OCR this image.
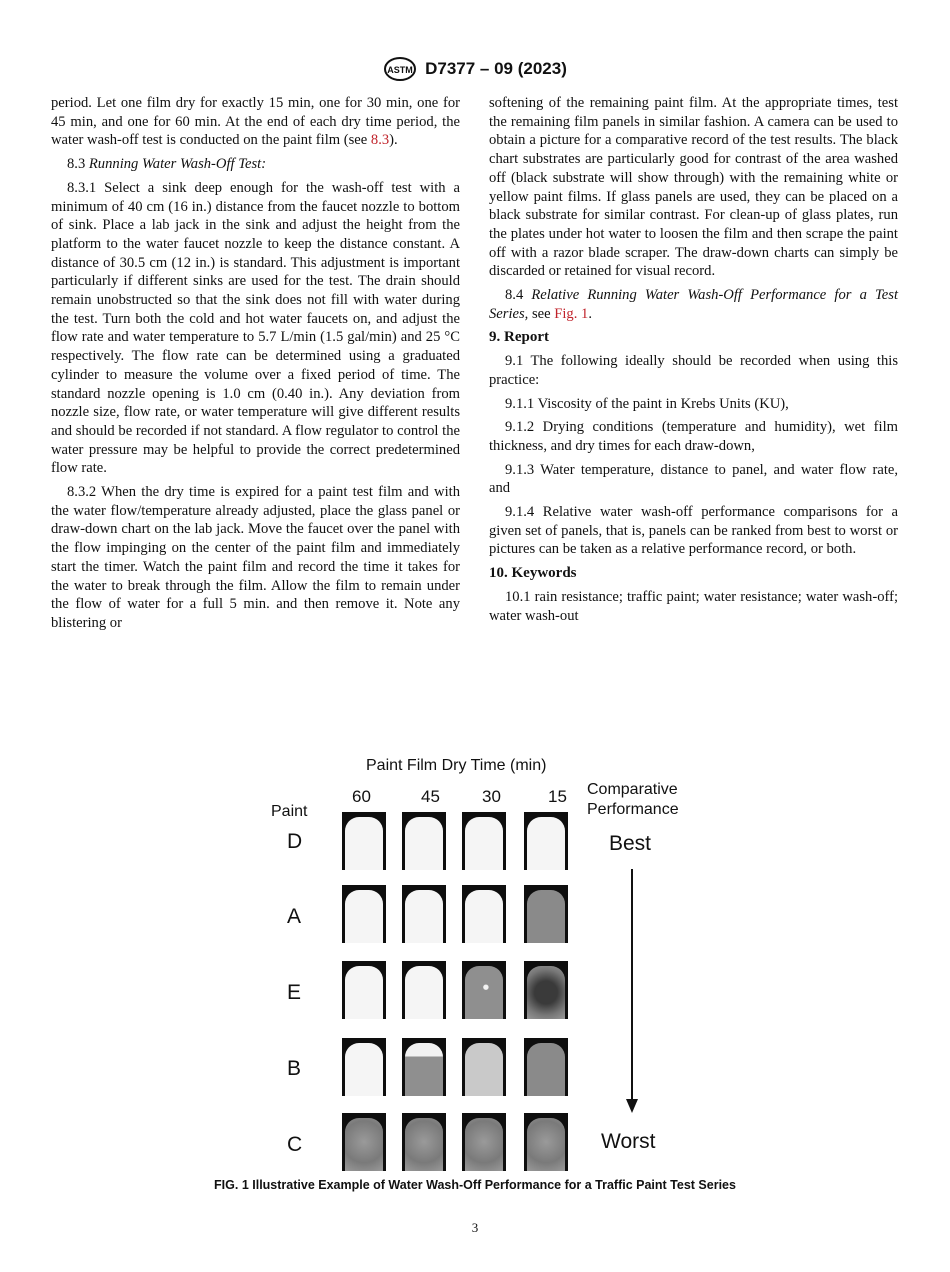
ASTM D7377 – 09 (2023)

period. Let one film dry for exactly 15 min, one for 30 min, one for 45 min, and one for 60 min. At the end of each dry time period, the water wash-off test is conducted on the paint film (see 8.3).

8.3 Running Water Wash-Off Test:

8.3.1 Select a sink deep enough for the wash-off test with a minimum of 40 cm (16 in.) distance from the faucet nozzle to bottom of sink. Place a lab jack in the sink and adjust the height from the platform to the water faucet nozzle to keep the distance constant. A distance of 30.5 cm (12 in.) is standard. This adjustment is important particularly if different sinks are used for the test. The drain should remain unobstructed so that the sink does not fill with water during the test. Turn both the cold and hot water faucets on, and adjust the flow rate and water temperature to 5.7 L/min (1.5 gal/min) and 25 °C respectively. The flow rate can be determined using a graduated cylinder to measure the volume over a fixed period of time. The standard nozzle opening is 1.0 cm (0.40 in.). Any deviation from nozzle size, flow rate, or water temperature will give different results and should be recorded if not standard. A flow regulator to control the water pressure may be helpful to provide the correct predetermined flow rate.

8.3.2 When the dry time is expired for a paint test film and with the water flow/temperature already adjusted, place the glass panel or draw-down chart on the lab jack. Move the faucet over the panel with the flow impinging on the center of the paint film and immediately start the timer. Watch the paint film and record the time it takes for the water to break through the film. Allow the film to remain under the flow of water for a full 5 min. and then remove it. Note any blistering or

softening of the remaining paint film. At the appropriate times, test the remaining film panels in similar fashion. A camera can be used to obtain a picture for a comparative record of the test results. The black chart substrates are particularly good for contrast of the area washed off (black substrate will show through) with the remaining white or yellow paint films. If glass panels are used, they can be placed on a black substrate for similar contrast. For clean-up of glass plates, run the plates under hot water to loosen the film and then scrape the paint off with a razor blade scraper. The draw-down charts can simply be discarded or retained for visual record.

8.4 Relative Running Water Wash-Off Performance for a Test Series, see Fig. 1.

9. Report

9.1 The following ideally should be recorded when using this practice:

9.1.1 Viscosity of the paint in Krebs Units (KU),

9.1.2 Drying conditions (temperature and humidity), wet film thickness, and dry times for each draw-down,

9.1.3 Water temperature, distance to panel, and water flow rate, and

9.1.4 Relative water wash-off performance comparisons for a given set of panels, that is, panels can be ranked from best to worst or pictures can be taken as a relative performance record, or both.

10. Keywords

10.1 rain resistance; traffic paint; water resistance; water wash-off; water wash-out

Paint Film Dry Time (min)
Comparative
Performance
Paint
60	45 30	15
D
A
E
B
C
Best
Worst
FIG. 1 Illustrative Example of Water Wash-Off Performance for a Traffic Paint Test Series
3
